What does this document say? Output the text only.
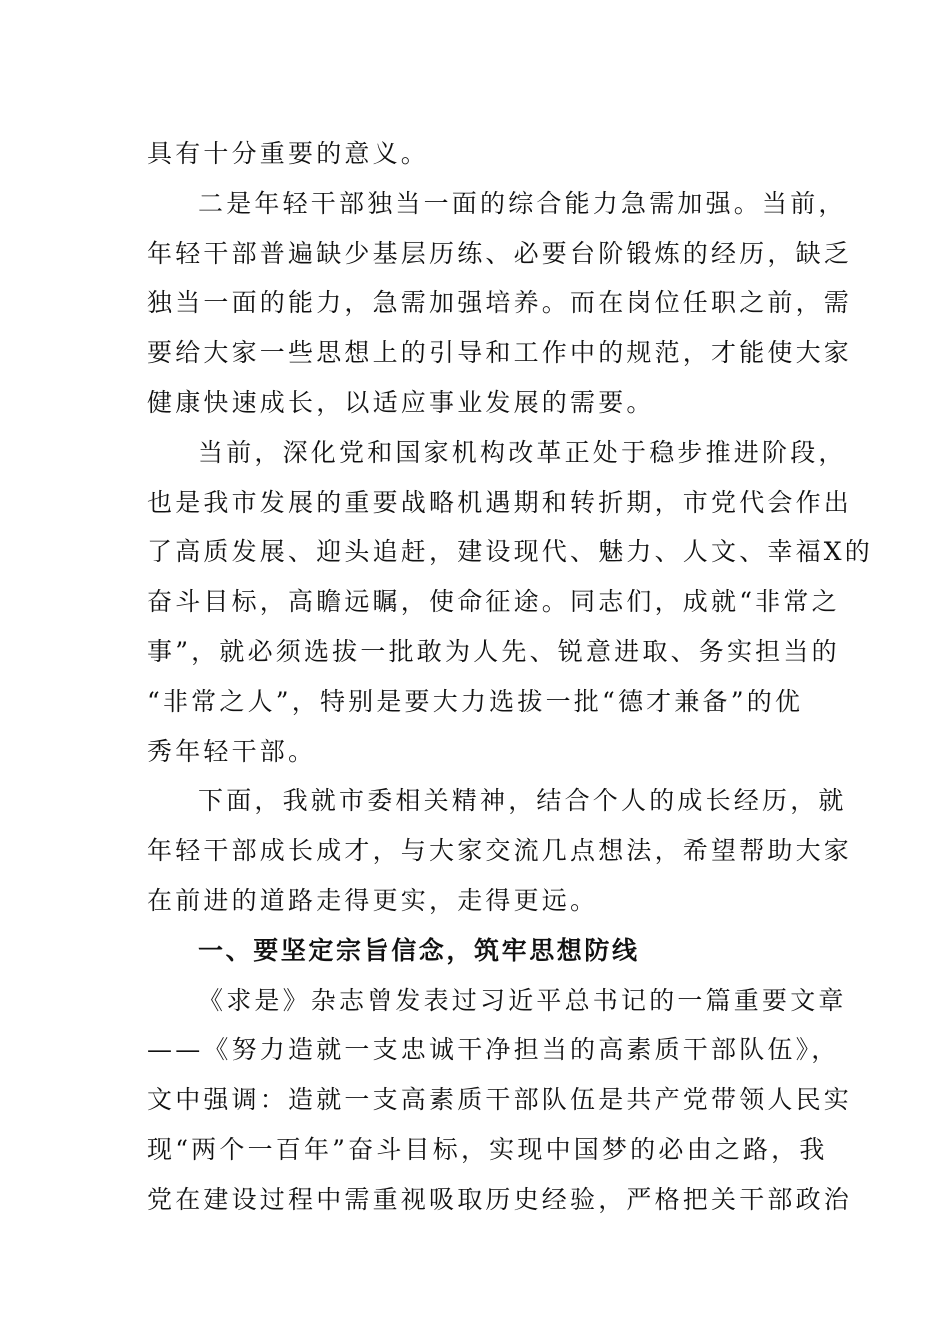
具有十分重要的意义。
二是年轻干部独当一面的综合能力急需加强。当前，
年轻干部普遍缺少基层历练、必要台阶锻炼的经历，缺乏
独当一面的能力，急需加强培养。而在岗位任职之前，需
要给大家一些思想上的引导和工作中的规范，才能使大家
健康快速成长，以适应事业发展的需要。
当前，深化党和国家机构改革正处于稳步推进阶段，
也是我市发展的重要战略机遇期和转折期，市党代会作出
了高质发展、迎头追赶，建设现代、魅力、人文、幸福X的
奋斗目标，高瞻远瞩，使命征途。同志们，成就“非常之
事”，就必须选拔一批敢为人先、锐意进取、务实担当的
“非常之人”，特别是要大力选拔一批“德才兼备”的优
秀年轻干部。
下面，我就市委相关精神，结合个人的成长经历，就
年轻干部成长成才，与大家交流几点想法，希望帮助大家
在前进的道路走得更实，走得更远。
一、要坚定宗旨信念，筑牢思想防线
《求是》杂志曾发表过习近平总书记的一篇重要文章
——《努力造就一支忠诚干净担当的高素质干部队伍》，
文中强调：造就一支高素质干部队伍是共产党带领人民实
现“两个一百年”奋斗目标，实现中国梦的必由之路，我
党在建设过程中需重视吸取历史经验，严格把关干部政治
